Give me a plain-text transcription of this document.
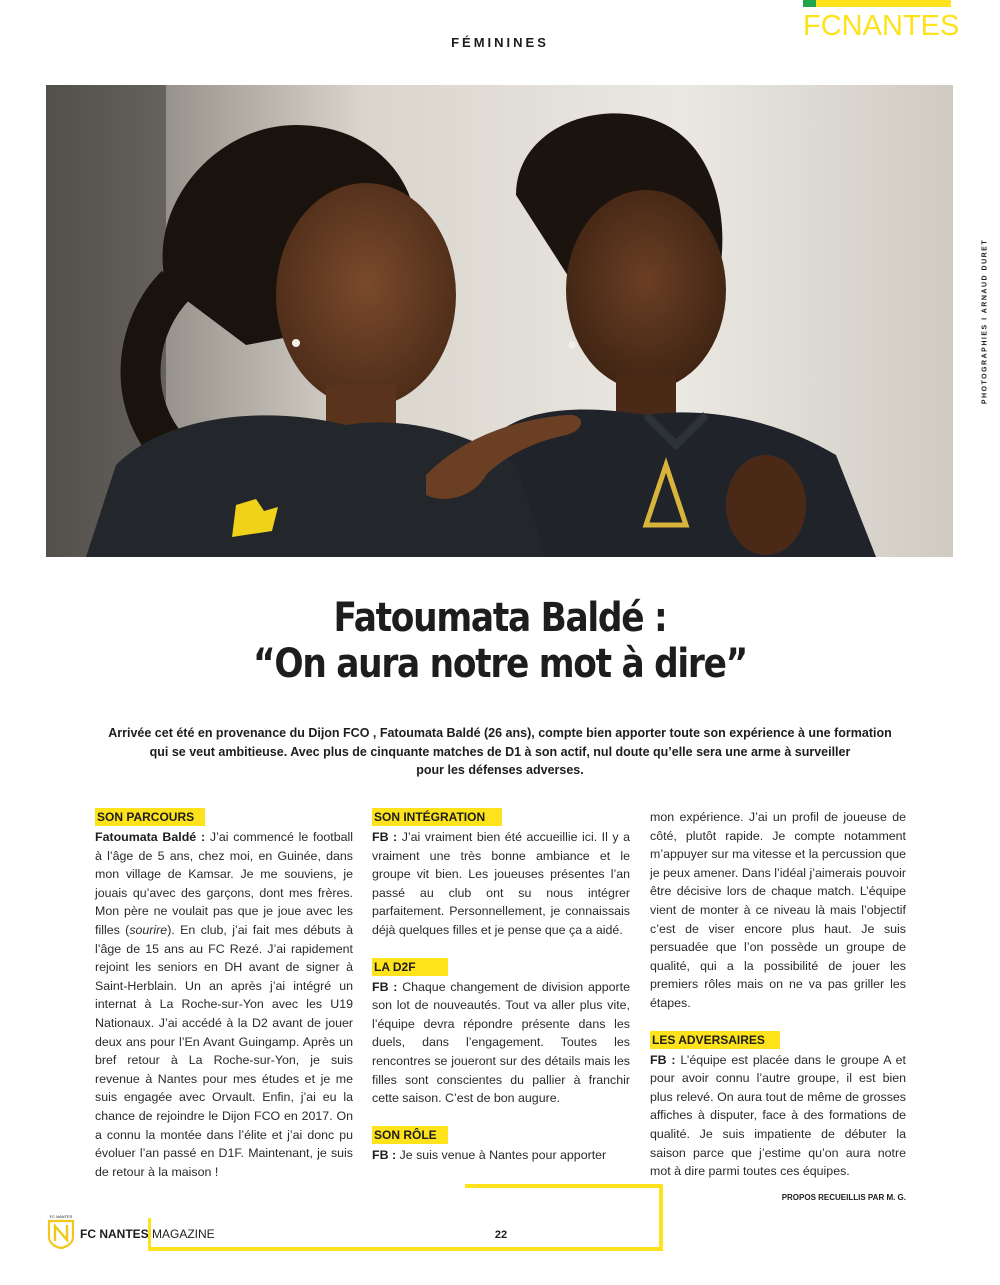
FCNANTES
FÉMININES
PHOTOGRAPHIES I ARNAUD DURET
Fatoumata Baldé :
“On aura notre mot à dire”
Arrivée cet été en provenance du Dijon FCO , Fatoumata Baldé (26 ans), compte bien apporter toute son expérience à une formation
qui se veut ambitieuse. Avec plus de cinquante matches de D1 à son actif, nul doute qu’elle sera une arme à surveiller
pour les défenses adverses.
SON PARCOURS

Fatoumata Baldé : J’ai commencé le football à l’âge de 5 ans, chez moi, en Guinée, dans mon village de Kamsar. Je me souviens, je jouais qu’avec des garçons, dont mes frères. Mon père ne voulait pas que je joue avec les filles (sourire). En club, j’ai fait mes débuts à l’âge de 15 ans au FC Rezé. J’ai rapidement rejoint les seniors en DH avant de signer à Saint-Herblain. Un an après j’ai intégré un internat à La Roche-sur-Yon avec les U19 Nationaux. J’ai accédé à la D2 avant de jouer deux ans pour l’En Avant Guingamp. Après un bref retour à La Roche-sur-Yon, je suis revenue à Nantes pour mes études et je me suis engagée avec Orvault. Enfin, j’ai eu la chance de rejoindre le Dijon FCO en 2017. On a connu la montée dans l’élite et j’ai donc pu évoluer l’an passé en D1F. Maintenant, je suis de retour à la maison !

SON INTÉGRATION

FB : J’ai vraiment bien été accueillie ici. Il y a vraiment une très bonne ambiance et le groupe vit bien. Les joueuses présentes l’an passé au club ont su nous intégrer parfaitement. Personnellement, je connaissais déjà quelques filles et je pense que ça a aidé.

LA D2F

FB : Chaque changement de division apporte son lot de nouveautés. Tout va aller plus vite, l’équipe devra répondre présente dans les duels, dans l’engagement. Toutes les rencontres se joueront sur des détails mais les filles sont conscientes du pallier à franchir cette saison. C’est de bon augure.

SON RÔLE

FB : Je suis venue à Nantes pour apporter

mon expérience. J’ai un profil de joueuse de côté, plutôt rapide. Je compte notamment m’appuyer sur ma vitesse et la percussion que je peux amener. Dans l’idéal j’aimerais pouvoir être décisive lors de chaque match. L’équipe vient de monter à ce niveau là mais l’objectif c’est de viser encore plus haut. Je suis persuadée que l’on possède un groupe de qualité, qui a la possibilité de jouer les premiers rôles mais on ne va pas griller les étapes.

LES ADVERSAIRES

FB : L’équipe est placée dans le groupe A et pour avoir connu l’autre groupe, il est bien plus relevé. On aura tout de même de grosses affiches à disputer, face à des formations de qualité. Je suis impatiente de débuter la saison parce que j’estime qu’on aura notre mot à dire parmi toutes ces équipes.

PROPOS RECUEILLIS PAR M. G.
FC NANTES
FC NANTES MAGAZINE	22
